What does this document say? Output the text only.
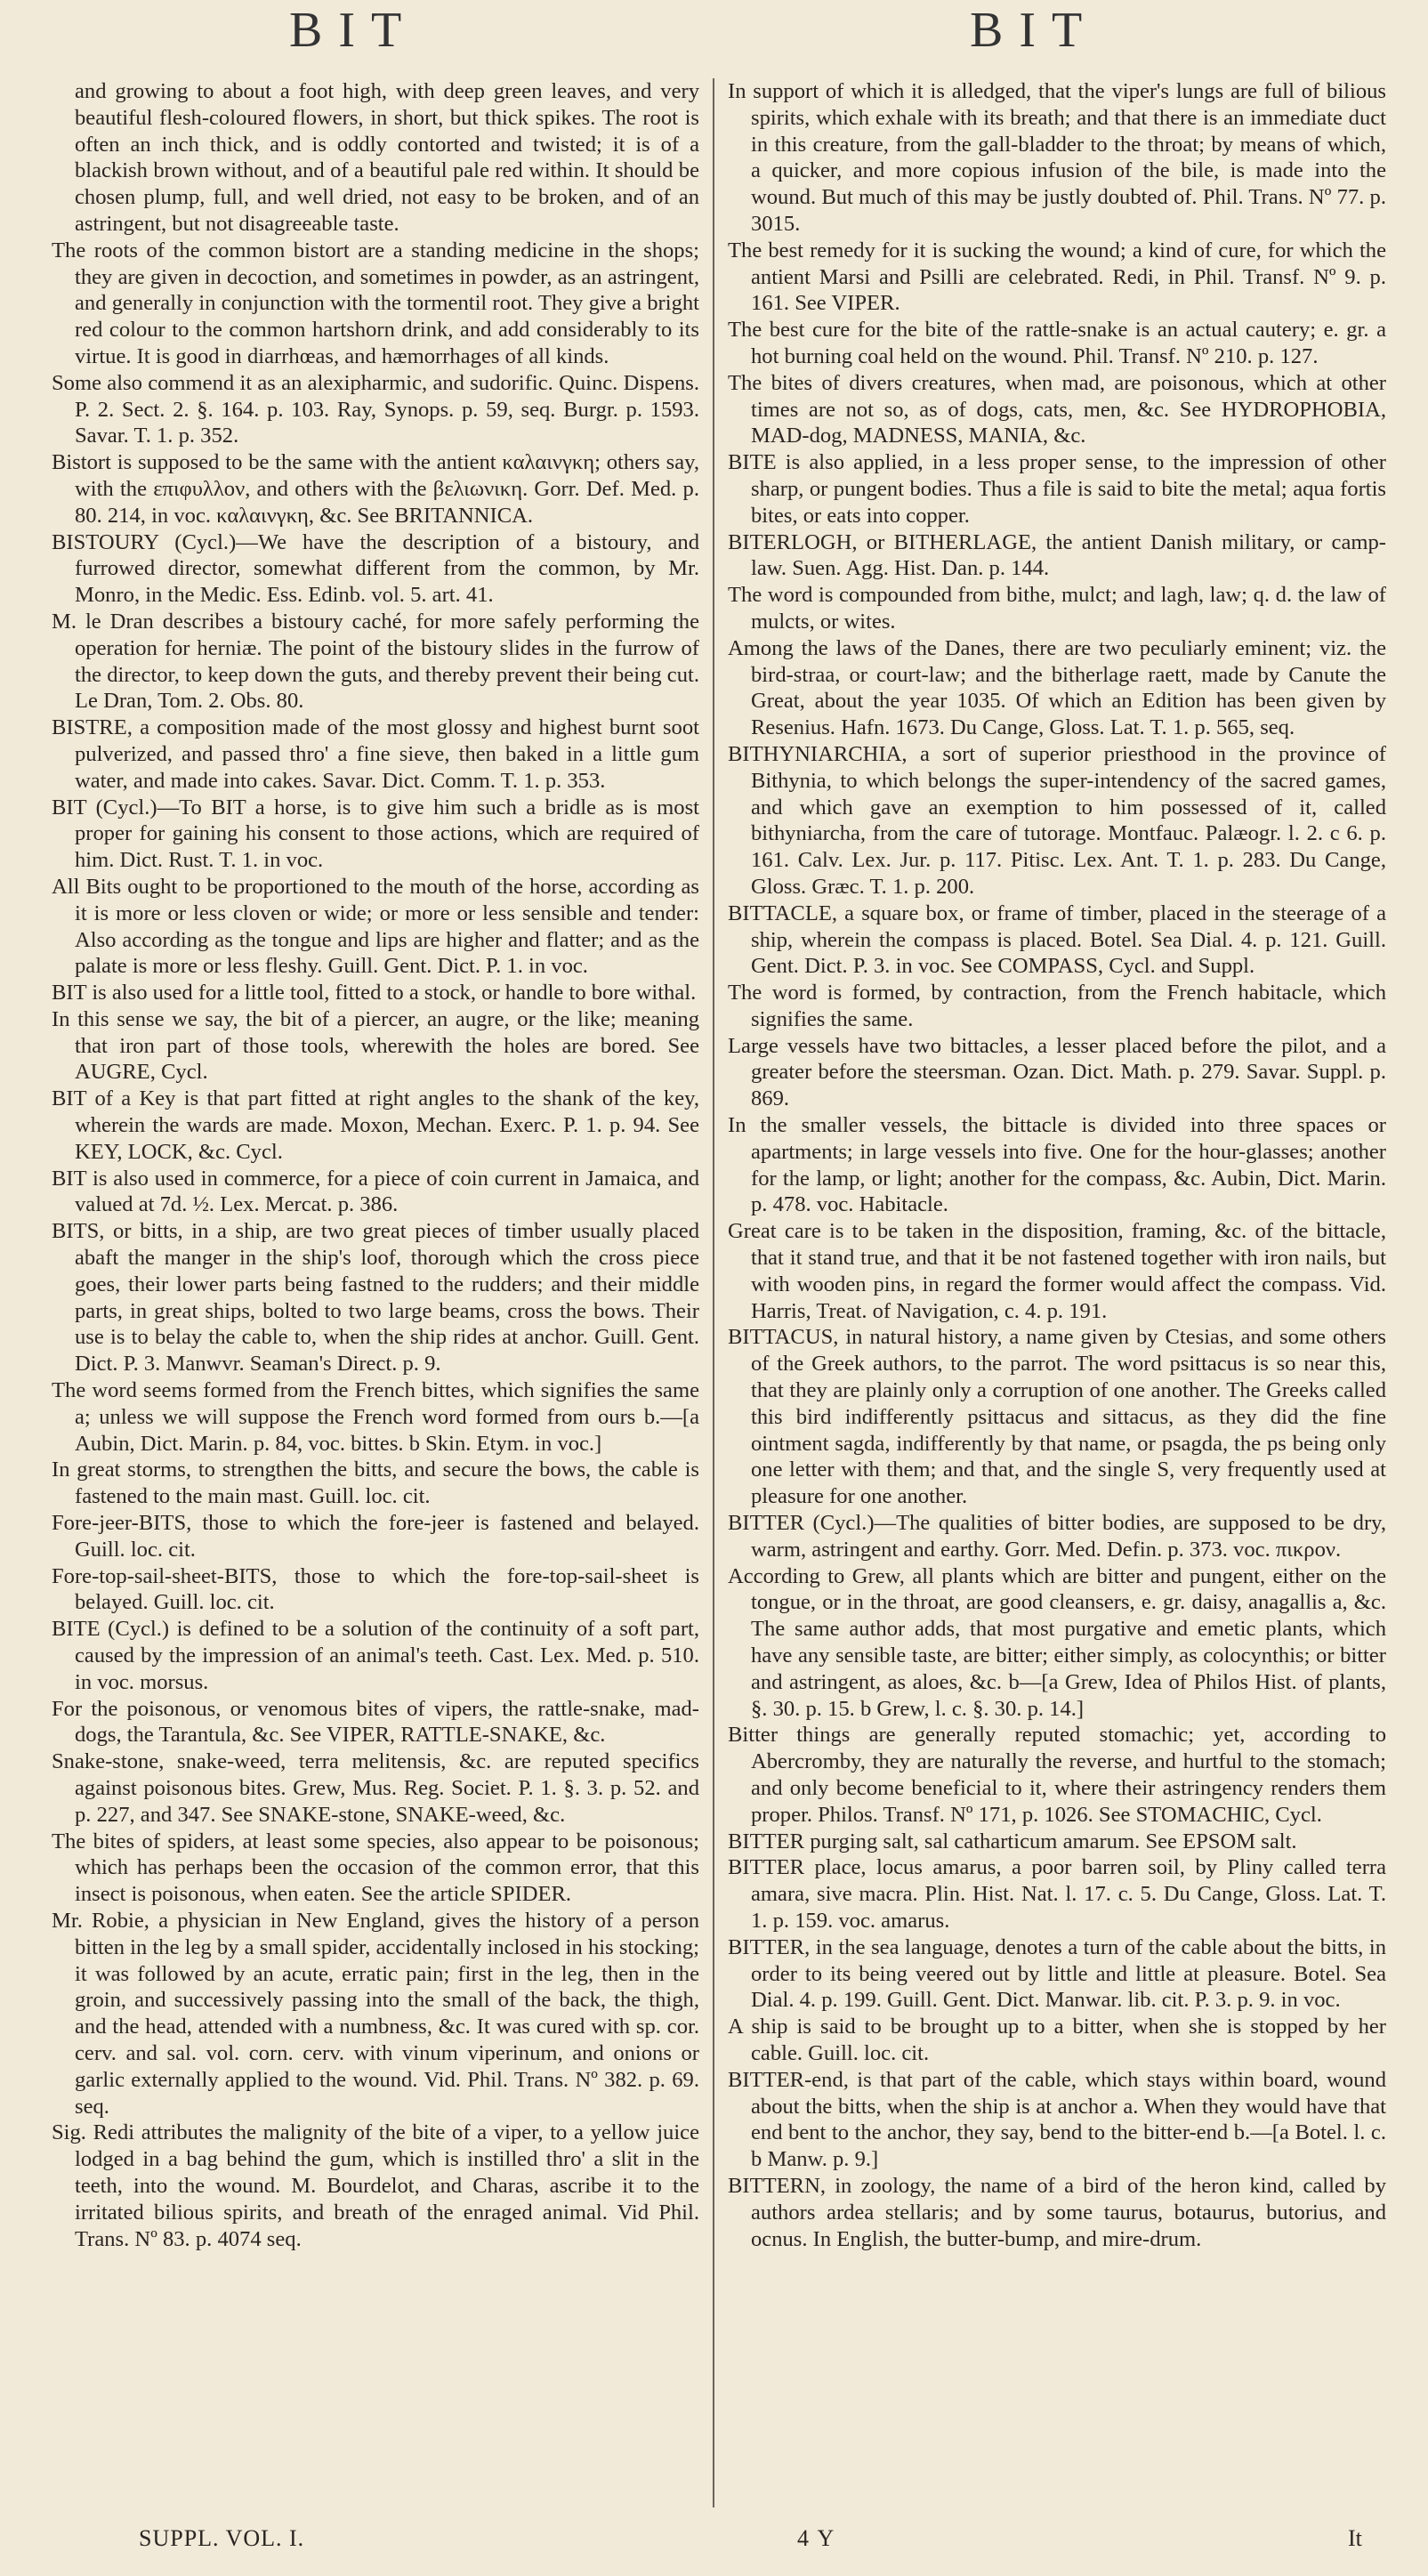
BIT	BIT

and growing to about a foot high, with deep green leaves, and very beautiful flesh-coloured flowers, in short, but thick spikes. The root is often an inch thick, and is oddly contorted and twisted; it is of a blackish brown without, and of a beautiful pale red within. It should be chosen plump, full, and well dried, not easy to be broken, and of an astringent, but not disagreeable taste.

The roots of the common bistort are a standing medicine in the shops; they are given in decoction, and sometimes in powder, as an astringent, and generally in conjunction with the tormentil root. They give a bright red colour to the common hartshorn drink, and add considerably to its virtue. It is good in diarrhœas, and hæmorrhages of all kinds.

Some also commend it as an alexipharmic, and sudorific. Quinc. Dispens. P. 2. Sect. 2. §. 164. p. 103. Ray, Synops. p. 59, seq. Burgr. p. 1593. Savar. T. 1. p. 352.

Bistort is supposed to be the same with the antient καλαινγκη; others say, with the επιφυλλον, and others with the βελιωνικη. Gorr. Def. Med. p. 80. 214, in voc. καλαινγκη, &c. See BRITANNICA.

BISTOURY (Cycl.)—We have the description of a bistoury, and furrowed director, somewhat different from the common, by Mr. Monro, in the Medic. Ess. Edinb. vol. 5. art. 41.

M. le Dran describes a bistoury caché, for more safely performing the operation for herniæ. The point of the bistoury slides in the furrow of the director, to keep down the guts, and thereby prevent their being cut. Le Dran, Tom. 2. Obs. 80.

BISTRE, a composition made of the most glossy and highest burnt soot pulverized, and passed thro' a fine sieve, then baked in a little gum water, and made into cakes. Savar. Dict. Comm. T. 1. p. 353.

BIT (Cycl.)—To BIT a horse, is to give him such a bridle as is most proper for gaining his consent to those actions, which are required of him. Dict. Rust. T. 1. in voc.

All Bits ought to be proportioned to the mouth of the horse, according as it is more or less cloven or wide; or more or less sensible and tender: Also according as the tongue and lips are higher and flatter; and as the palate is more or less fleshy. Guill. Gent. Dict. P. 1. in voc.

BIT is also used for a little tool, fitted to a stock, or handle to bore withal.

In this sense we say, the bit of a piercer, an augre, or the like; meaning that iron part of those tools, wherewith the holes are bored. See AUGRE, Cycl.

BIT of a Key is that part fitted at right angles to the shank of the key, wherein the wards are made. Moxon, Mechan. Exerc. P. 1. p. 94. See KEY, LOCK, &c. Cycl.

BIT is also used in commerce, for a piece of coin current in Jamaica, and valued at 7d. ½. Lex. Mercat. p. 386.

BITS, or bitts, in a ship, are two great pieces of timber usually placed abaft the manger in the ship's loof, thorough which the cross piece goes, their lower parts being fastned to the rudders; and their middle parts, in great ships, bolted to two large beams, cross the bows. Their use is to belay the cable to, when the ship rides at anchor. Guill. Gent. Dict. P. 3. Manwvr. Seaman's Direct. p. 9.

The word seems formed from the French bittes, which signifies the same a; unless we will suppose the French word formed from ours b.—[a Aubin, Dict. Marin. p. 84, voc. bittes. b Skin. Etym. in voc.]

In great storms, to strengthen the bitts, and secure the bows, the cable is fastened to the main mast. Guill. loc. cit.

Fore-jeer-BITS, those to which the fore-jeer is fastened and belayed. Guill. loc. cit.

Fore-top-sail-sheet-BITS, those to which the fore-top-sail-sheet is belayed. Guill. loc. cit.

BITE (Cycl.) is defined to be a solution of the continuity of a soft part, caused by the impression of an animal's teeth. Cast. Lex. Med. p. 510. in voc. morsus.

For the poisonous, or venomous bites of vipers, the rattle-snake, mad-dogs, the Tarantula, &c. See VIPER, RATTLE-SNAKE, &c.

Snake-stone, snake-weed, terra melitensis, &c. are reputed specifics against poisonous bites. Grew, Mus. Reg. Societ. P. 1. §. 3. p. 52. and p. 227, and 347. See SNAKE-stone, SNAKE-weed, &c.

The bites of spiders, at least some species, also appear to be poisonous; which has perhaps been the occasion of the common error, that this insect is poisonous, when eaten. See the article SPIDER.

Mr. Robie, a physician in New England, gives the history of a person bitten in the leg by a small spider, accidentally inclosed in his stocking; it was followed by an acute, erratic pain; first in the leg, then in the groin, and successively passing into the small of the back, the thigh, and the head, attended with a numbness, &c. It was cured with sp. cor. cerv. and sal. vol. corn. cerv. with vinum viperinum, and onions or garlic externally applied to the wound. Vid. Phil. Trans. Nº 382. p. 69. seq.

Sig. Redi attributes the malignity of the bite of a viper, to a yellow juice lodged in a bag behind the gum, which is instilled thro' a slit in the teeth, into the wound. M. Bourdelot, and Charas, ascribe it to the irritated bilious spirits, and breath of the enraged animal. Vid Phil. Trans. Nº 83. p. 4074 seq.

In support of which it is alledged, that the viper's lungs are full of bilious spirits, which exhale with its breath; and that there is an immediate duct in this creature, from the gall-bladder to the throat; by means of which, a quicker, and more copious infusion of the bile, is made into the wound. But much of this may be justly doubted of. Phil. Trans. Nº 77. p. 3015.

The best remedy for it is sucking the wound; a kind of cure, for which the antient Marsi and Psilli are celebrated. Redi, in Phil. Transf. Nº 9. p. 161. See VIPER.

The best cure for the bite of the rattle-snake is an actual cautery; e. gr. a hot burning coal held on the wound. Phil. Transf. Nº 210. p. 127.

The bites of divers creatures, when mad, are poisonous, which at other times are not so, as of dogs, cats, men, &c. See HYDROPHOBIA, MAD-dog, MADNESS, MANIA, &c.

BITE is also applied, in a less proper sense, to the impression of other sharp, or pungent bodies. Thus a file is said to bite the metal; aqua fortis bites, or eats into copper.

BITERLOGH, or BITHERLAGE, the antient Danish military, or camp-law. Suen. Agg. Hist. Dan. p. 144.

The word is compounded from bithe, mulct; and lagh, law; q. d. the law of mulcts, or wites.

Among the laws of the Danes, there are two peculiarly eminent; viz. the bird-straa, or court-law; and the bitherlage raett, made by Canute the Great, about the year 1035. Of which an Edition has been given by Resenius. Hafn. 1673. Du Cange, Gloss. Lat. T. 1. p. 565, seq.

BITHYNIARCHIA, a sort of superior priesthood in the province of Bithynia, to which belongs the super-intendency of the sacred games, and which gave an exemption to him possessed of it, called bithyniarcha, from the care of tutorage. Montfauc. Palæogr. l. 2. c 6. p. 161. Calv. Lex. Jur. p. 117. Pitisc. Lex. Ant. T. 1. p. 283. Du Cange, Gloss. Græc. T. 1. p. 200.

BITTACLE, a square box, or frame of timber, placed in the steerage of a ship, wherein the compass is placed. Botel. Sea Dial. 4. p. 121. Guill. Gent. Dict. P. 3. in voc. See COMPASS, Cycl. and Suppl.

The word is formed, by contraction, from the French habitacle, which signifies the same.

Large vessels have two bittacles, a lesser placed before the pilot, and a greater before the steersman. Ozan. Dict. Math. p. 279. Savar. Suppl. p. 869.

In the smaller vessels, the bittacle is divided into three spaces or apartments; in large vessels into five. One for the hour-glasses; another for the lamp, or light; another for the compass, &c. Aubin, Dict. Marin. p. 478. voc. Habitacle.

Great care is to be taken in the disposition, framing, &c. of the bittacle, that it stand true, and that it be not fastened together with iron nails, but with wooden pins, in regard the former would affect the compass. Vid. Harris, Treat. of Navigation, c. 4. p. 191.

BITTACUS, in natural history, a name given by Ctesias, and some others of the Greek authors, to the parrot. The word psittacus is so near this, that they are plainly only a corruption of one another. The Greeks called this bird indifferently psittacus and sittacus, as they did the fine ointment sagda, indifferently by that name, or psagda, the ps being only one letter with them; and that, and the single S, very frequently used at pleasure for one another.

BITTER (Cycl.)—The qualities of bitter bodies, are supposed to be dry, warm, astringent and earthy. Gorr. Med. Defin. p. 373. voc. πικρον.

According to Grew, all plants which are bitter and pungent, either on the tongue, or in the throat, are good cleansers, e. gr. daisy, anagallis a, &c. The same author adds, that most purgative and emetic plants, which have any sensible taste, are bitter; either simply, as colocynthis; or bitter and astringent, as aloes, &c. b—[a Grew, Idea of Philos Hist. of plants, §. 30. p. 15. b Grew, l. c. §. 30. p. 14.]

Bitter things are generally reputed stomachic; yet, according to Abercromby, they are naturally the reverse, and hurtful to the stomach; and only become beneficial to it, where their astringency renders them proper. Philos. Transf. Nº 171, p. 1026. See STOMACHIC, Cycl.

BITTER purging salt, sal catharticum amarum. See EPSOM salt.

BITTER place, locus amarus, a poor barren soil, by Pliny called terra amara, sive macra. Plin. Hist. Nat. l. 17. c. 5. Du Cange, Gloss. Lat. T. 1. p. 159. voc. amarus.

BITTER, in the sea language, denotes a turn of the cable about the bitts, in order to its being veered out by little and little at pleasure. Botel. Sea Dial. 4. p. 199. Guill. Gent. Dict. Manwar. lib. cit. P. 3. p. 9. in voc.

A ship is said to be brought up to a bitter, when she is stopped by her cable. Guill. loc. cit.

BITTER-end, is that part of the cable, which stays within board, wound about the bitts, when the ship is at anchor a. When they would have that end bent to the anchor, they say, bend to the bitter-end b.—[a Botel. l. c. b Manw. p. 9.]

BITTERN, in zoology, the name of a bird of the heron kind, called by authors ardea stellaris; and by some taurus, botaurus, butorius, and ocnus. In English, the butter-bump, and mire-drum.

SUPPL. VOL. I.	4 Y	It
